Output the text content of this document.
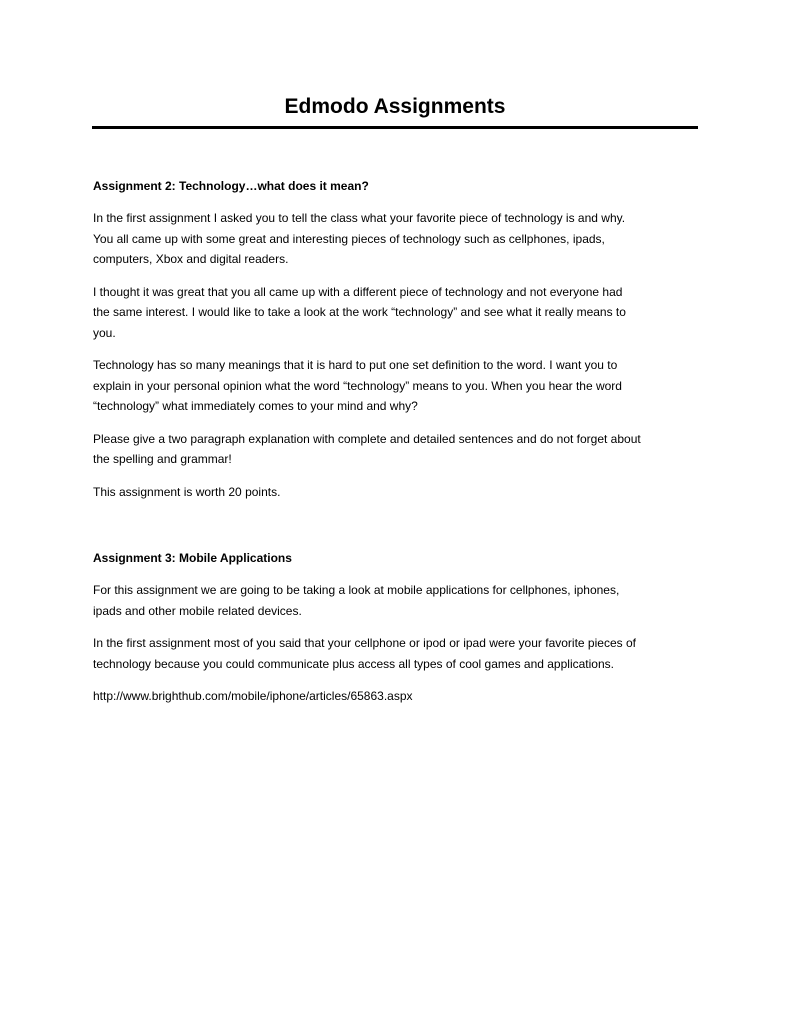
Edmodo Assignments

Assignment 2: Technology…what does it mean?

In the first assignment I asked you to tell the class what your favorite piece of technology is and why.
You all came up with some great and interesting pieces of technology such as cellphones, ipads,
computers, Xbox and digital readers.

I thought it was great that you all came up with a different piece of technology and not everyone had
the same interest. I would like to take a look at the work “technology” and see what it really means to
you.

Technology has so many meanings that it is hard to put one set definition to the word. I want you to
explain in your personal opinion what the word “technology” means to you. When you hear the word
“technology” what immediately comes to your mind and why?

Please give a two paragraph explanation with complete and detailed sentences and do not forget about
the spelling and grammar!

This assignment is worth 20 points.

Assignment 3: Mobile Applications

For this assignment we are going to be taking a look at mobile applications for cellphones, iphones,
ipads and other mobile related devices.

In the first assignment most of you said that your cellphone or ipod or ipad were your favorite pieces of
technology because you could communicate plus access all types of cool games and applications.

http://www.brighthub.com/mobile/iphone/articles/65863.aspx
